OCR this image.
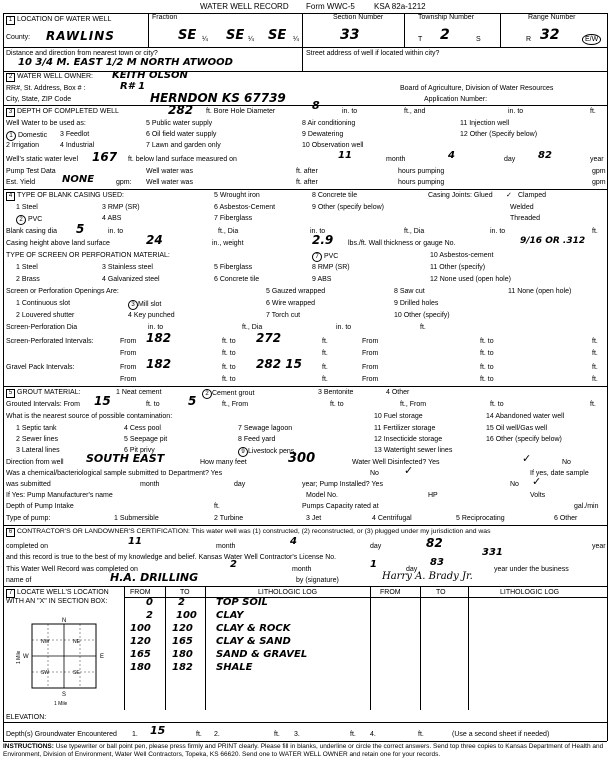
WATER WELL RECORD Form WWC-5 KSA 82a-1212
1 LOCATION OF WATER WELL	Fraction	Section Number	Township Number	Range Number
County: RAWLINS	SE ¼ SE ¼ SE ¼	33	T 2	S	R 32	E/W
Distance and direction from nearest town or city?	Street address of well if located within city?
10 3/4 M. EAST 1/2 M NORTH ATWOOD
2 WATER WELL OWNER: KEITH OLSON
RR#, St. Address, Box # :	R# 1	Board of Agriculture, Division of Water Resources
City, State, ZIP Code	HERNDON KS 67739	Application Number:
3 DEPTH OF COMPLETED WELL	282 ft. Bore Hole Diameter	8	in. to	ft., and	in. to	ft.
Well Water to be used as:
1 Domestic
2 Irrigation
3 Feedlot
4 Industrial
5 Public water supply
6 Oil field water supply
7 Lawn and garden only
8 Air conditioning
9 Dewatering
10 Observation well
11 Injection well
12 Other (Specify below)
Well's static water level 167 ft. below land surface measured on	11	month	4	day 82	year
Pump Test Data	Well water was	ft. after	hours pumping	gpm
Est. Yield	NONE	gpm: Well water was	ft. after	hours pumping	gpm
4 TYPE OF BLANK CASING USED:
1 Steel
2 PVC
3 RMP (SR)
4 ABS
5 Wrought iron
6 Asbestos-Cement
7 Fiberglass
8 Concrete tile
9 Other (specify below)
Casing Joints: Glued ✓ Clamped
Welded
Threaded
Blank casing dia 5	in. to	ft., Dia	in. to	ft., Dia	in. to	ft.
Casing height above land surface	24	in., weight	2.9 lbs./ft. Wall thickness or gauge No.	9/16 OR .312
TYPE OF SCREEN OR PERFORATION MATERIAL:	7 PVC	10 Asbestos-cement
1 Steel
2 Brass
3 Stainless steel
4 Galvanized steel
5 Fiberglass
6 Concrete tile
8 RMP (SR)
9 ABS
11 Other (specify)
12 None used (open hole)
Screen or Perforation Openings Are:
1 Continuous slot
2 Louvered shutter
3 Mill slot
4 Key punched
5 Gauzed wrapped
6 Wire wrapped
7 Torch cut
8 Saw cut
9 Drilled holes
10 Other (specify)
11 None (open hole)
Screen-Perforation Dia	in. to	ft., Dia	in. to	ft.
Screen-Perforated Intervals:	From 182	ft. to 272	ft.	From	ft. to	ft.
From	ft. to	ft.	From	ft. to	ft.
Gravel Pack Intervals:	From 182	ft. to 282 15	ft.	From	ft. to	ft.
From	ft. to	ft.	From	ft. to	ft.
5 GROUT MATERIAL:	1 Neat cement	2 Cement grout	3 Bentonite	4 Other
Grouted Intervals: From 15	ft. to 5	ft., From	ft. to	ft., From	ft. to	ft.
What is the nearest source of possible contamination:
1 Septic tank
2 Sewer lines
3 Lateral lines
4 Cess pool
5 Seepage pit
6 Pit privy
7 Sewage lagoon
8 Feed yard
9 Livestock pens
10 Fuel storage
11 Fertilizer storage
12 Insecticide storage
13 Watertight sewer lines
14 Abandoned water well
15 Oil well/Gas well
16 Other (specify below)
Direction from well SOUTH EAST	How many feet	300	Water Well Disinfected? Yes	✓	No
Was a chemical/bacteriological sample submitted to Department? Yes	No ✓	If yes, date sample
was submitted	month	day	year; Pump Installed? Yes	No ✓
If Yes: Pump Manufacturer's name	Model No.	HP	Volts
Depth of Pump Intake	ft.	Pumps Capacity rated at	gal./min
Type of pump:	1 Submersible	2 Turbine	3 Jet	4 Centrifugal	5 Reciprocating	6 Other
6 CONTRACTOR'S OR LANDOWNER'S CERTIFICATION: This water well was (1) constructed, (2) reconstructed, or (3) plugged under my jurisdiction and was
completed on	11	month	4	day	82	year
and this record is true to the best of my knowledge and belief. Kansas Water Well Contractor's License No.	331
This Water Well Record was completed on	2	month	1	day
83
year under the business
name of	H.A. DRILLING	by (signature)	Harry A. Brady Jr.
7 LOCATE WELL'S LOCATION WITH AN "X" IN SECTION BOX:
FROM	TO	LITHOLOGIC LOG	FROM	TO	LITHOLOGIC LOG
0	2	TOP SOIL
2 100 CLAY
100 120 CLAY & ROCK
120 165 CLAY & SAND
165 180 SAND & GRAVEL
180 182 SHALE
N
S
W	E
NW	NE
SW	SE
1 Mile
1 Mile
ELEVATION:
Depth(s) Groundwater Encountered 1. 15	ft. 2.	ft. 3.	ft. 4.	ft.	(Use a second sheet if needed)
INSTRUCTIONS: Use typewriter or ball point pen, please press firmly and PRINT clearly. Please fill in blanks, underline or circle the correct answers. Send top three copies to Kansas Department of Health and Environment, Division of Environment, Water Well Contractors, Topeka, KS 66620. Send one to WATER WELL OWNER and retain one for your records.
